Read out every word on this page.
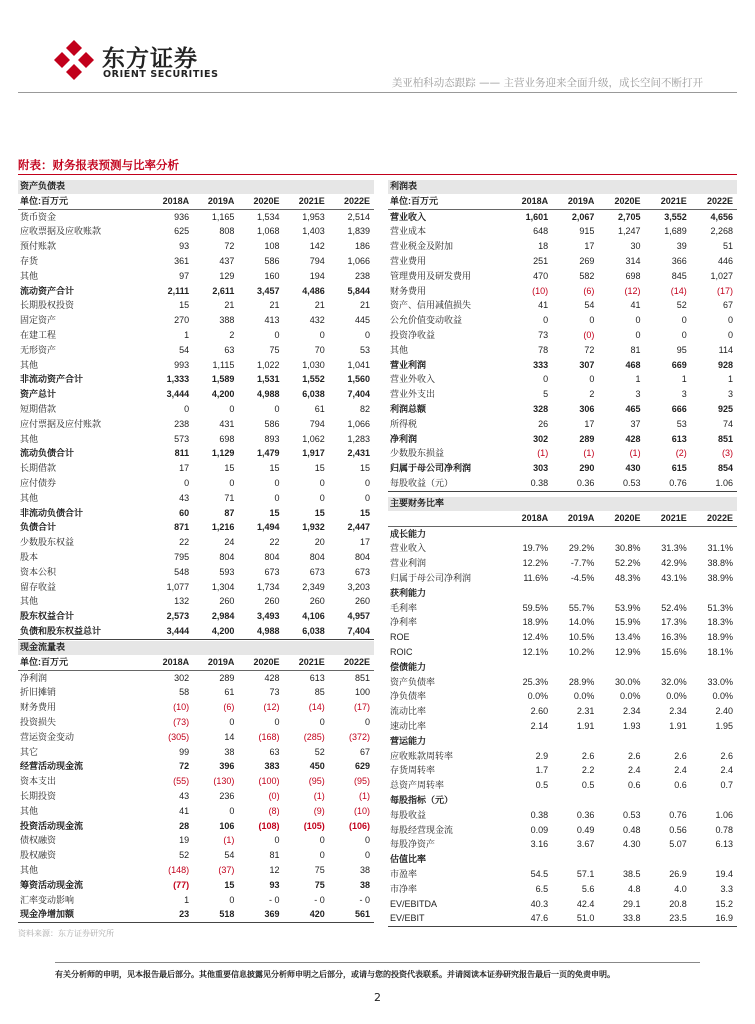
东方证券
ORIENT SECURITIES
美亚柏科动态跟踪 —— 主营业务迎来全面升级，成长空间不断打开
附表：财务报表预测与比率分析
资产负债表					
单位:百万元	2018A	2019A	2020E	2021E	2022E
货币资金	936	1,165	1,534	1,953	2,514
应收票据及应收账款	625	808	1,068	1,403	1,839
预付账款	93	72	108	142	186
存货	361	437	586	794	1,066
其他	97	129	160	194	238
流动资产合计	2,111	2,611	3,457	4,486	5,844
长期股权投资	15	21	21	21	21
固定资产	270	388	413	432	445
在建工程	1	2	0	0	0
无形资产	54	63	75	70	53
其他	993	1,115	1,022	1,030	1,041
非流动资产合计	1,333	1,589	1,531	1,552	1,560
资产总计	3,444	4,200	4,988	6,038	7,404
短期借款	0	0	0	61	82
应付票据及应付账款	238	431	586	794	1,066
其他	573	698	893	1,062	1,283
流动负债合计	811	1,129	1,479	1,917	2,431
长期借款	17	15	15	15	15
应付债券	0	0	0	0	0
其他	43	71	0	0	0
非流动负债合计	60	87	15	15	15
负债合计	871	1,216	1,494	1,932	2,447
少数股东权益	22	24	22	20	17
股本	795	804	804	804	804
资本公积	548	593	673	673	673
留存收益	1,077	1,304	1,734	2,349	3,203
其他	132	260	260	260	260
股东权益合计	2,573	2,984	3,493	4,106	4,957
负债和股东权益总计	3,444	4,200	4,988	6,038	7,404
现金流量表					
单位:百万元	2018A	2019A	2020E	2021E	2022E
净利润	302	289	428	613	851
折旧摊销	58	61	73	85	100
财务费用	(10)	(6)	(12)	(14)	(17)
投资损失	(73)	0	0	0	0
营运资金变动	(305)	14	(168)	(285)	(372)
其它	99	38	63	52	67
经营活动现金流	72	396	383	450	629
资本支出	(55)	(130)	(100)	(95)	(95)
长期投资	43	236	(0)	(1)	(1)
其他	41	0	(8)	(9)	(10)
投资活动现金流	28	106	(108)	(105)	(106)
债权融资	19	(1)	0	0	0
股权融资	52	54	81	0	0
其他	(148)	(37)	12	75	38
筹资活动现金流	(77)	15	93	75	38
汇率变动影响	1	0	- 0	- 0	- 0
现金净增加额	23	518	369	420	561
利润表					
单位:百万元	2018A	2019A	2020E	2021E	2022E
营业收入	1,601	2,067	2,705	3,552	4,656
营业成本	648	915	1,247	1,689	2,268
营业税金及附加	18	17	30	39	51
营业费用	251	269	314	366	446
管理费用及研发费用	470	582	698	845	1,027
财务费用	(10)	(6)	(12)	(14)	(17)
资产、信用减值损失	41	54	41	52	67
公允价值变动收益	0	0	0	0	0
投资净收益	73	(0)	0	0	0
其他	78	72	81	95	114
营业利润	333	307	468	669	928
营业外收入	0	0	1	1	1
营业外支出	5	2	3	3	3
利润总额	328	306	465	666	925
所得税	26	17	37	53	74
净利润	302	289	428	613	851
少数股东损益	(1)	(1)	(1)	(2)	(3)
归属于母公司净利润	303	290	430	615	854
每股收益（元）	0.38	0.36	0.53	0.76	1.06
主要财务比率					
	2018A	2019A	2020E	2021E	2022E
成长能力					
营业收入	19.7%	29.2%	30.8%	31.3%	31.1%
营业利润	12.2%	-7.7%	52.2%	42.9%	38.8%
归属于母公司净利润	11.6%	-4.5%	48.3%	43.1%	38.9%
获利能力					
毛利率	59.5%	55.7%	53.9%	52.4%	51.3%
净利率	18.9%	14.0%	15.9%	17.3%	18.3%
ROE	12.4%	10.5%	13.4%	16.3%	18.9%
ROIC	12.1%	10.2%	12.9%	15.6%	18.1%
偿债能力					
资产负债率	25.3%	28.9%	30.0%	32.0%	33.0%
净负债率	0.0%	0.0%	0.0%	0.0%	0.0%
流动比率	2.60	2.31	2.34	2.34	2.40
速动比率	2.14	1.91	1.93	1.91	1.95
营运能力					
应收账款周转率	2.9	2.6	2.6	2.6	2.6
存货周转率	1.7	2.2	2.4	2.4	2.4
总资产周转率	0.5	0.5	0.6	0.6	0.7
每股指标（元）					
每股收益	0.38	0.36	0.53	0.76	1.06
每股经营现金流	0.09	0.49	0.48	0.56	0.78
每股净资产	3.16	3.67	4.30	5.07	6.13
估值比率					
市盈率	54.5	57.1	38.5	26.9	19.4
市净率	6.5	5.6	4.8	4.0	3.3
EV/EBITDA	40.3	42.4	29.1	20.8	15.2
EV/EBIT	47.6	51.0	33.8	23.5	16.9
资料来源：东方证券研究所
有关分析师的申明，见本报告最后部分。其他重要信息披露见分析师申明之后部分，或请与您的投资代表联系。并请阅读本证券研究报告最后一页的免责申明。
2
